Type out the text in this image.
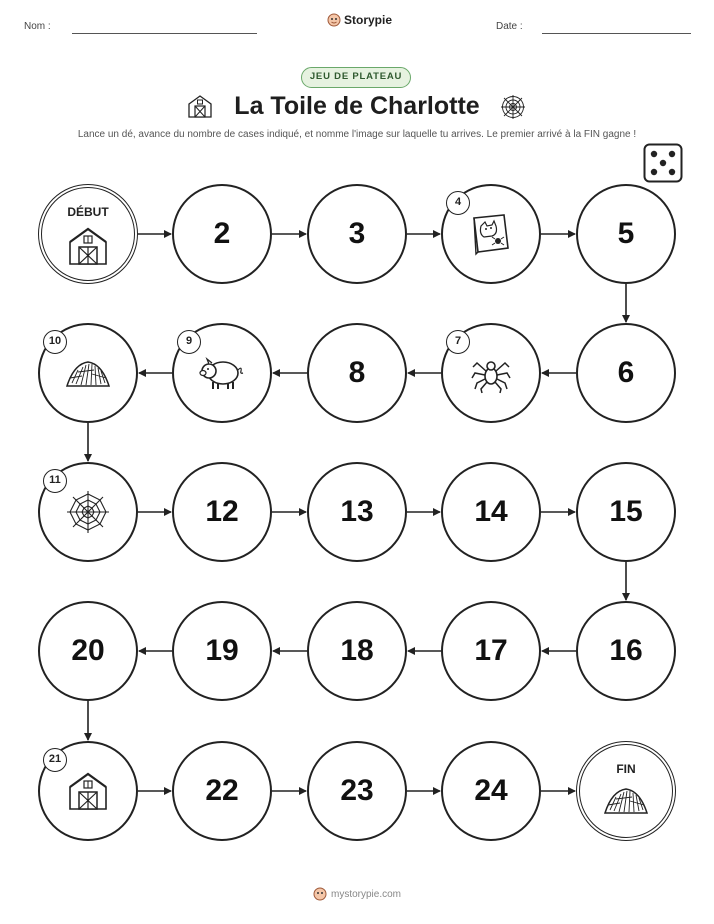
Nom :	Storypie	Date :
JEU DE PLATEAU
La Toile de Charlotte
Lance un dé, avance du nombre de cases indiqué, et nomme l'image sur laquelle tu arrives. Le premier arrivé à la FIN gagne !
DÉBUT
2	3
4
5
6
7
8
9
10
11
12	13	14	15
16
17
18
19
20
21
22	23	24
FIN
mystorypie.com
